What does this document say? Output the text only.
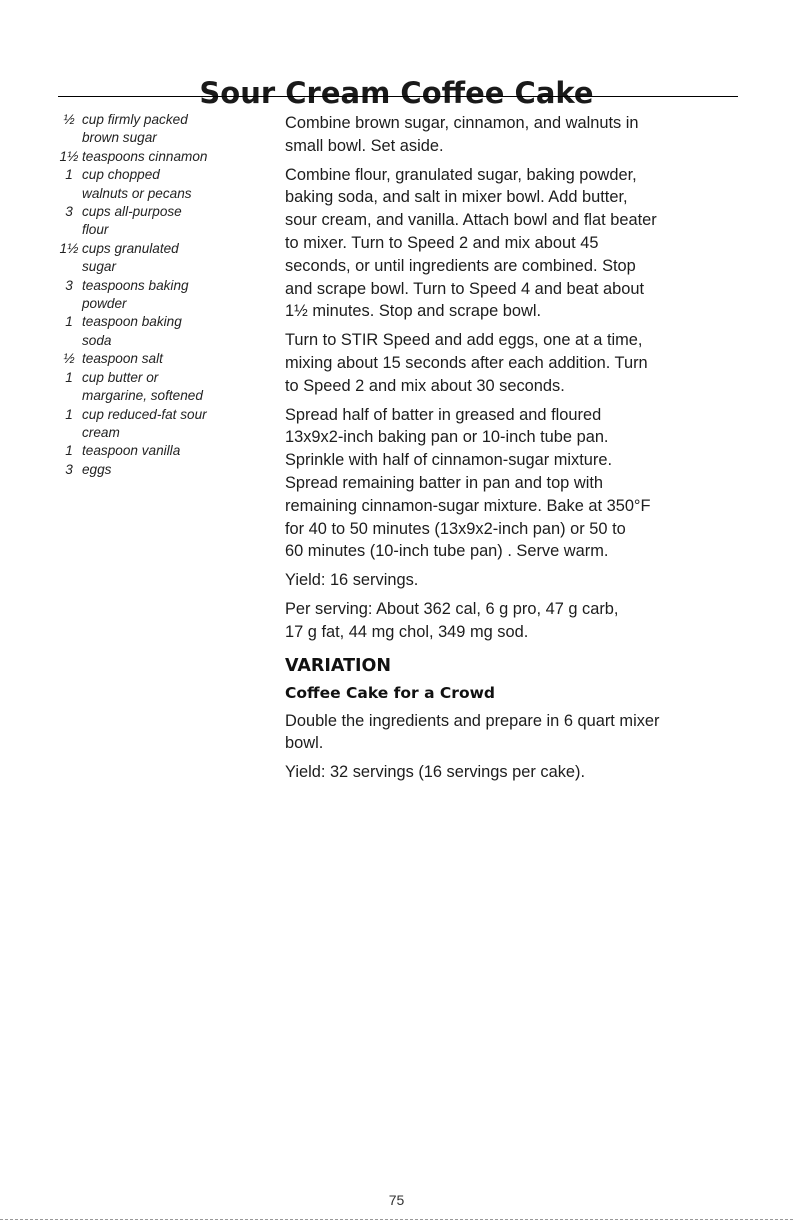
Sour Cream Coffee Cake
½ cup firmly packed
brown sugar
1½ teaspoons cinnamon
1 cup chopped
walnuts or pecans
3 cups all-purpose
flour
1½ cups granulated
sugar
3 teaspoons baking
powder
1 teaspoon baking
soda
½ teaspoon salt
1 cup butter or
margarine, softened
1 cup reduced-fat sour
cream
1 teaspoon vanilla
3 eggs

Combine brown sugar, cinnamon, and walnuts in
small bowl. Set aside.

Combine flour, granulated sugar, baking powder,
baking soda, and salt in mixer bowl. Add butter,
sour cream, and vanilla. Attach bowl and flat beater
to mixer. Turn to Speed 2 and mix about 45
seconds, or until ingredients are combined. Stop
and scrape bowl. Turn to Speed 4 and beat about
1½ minutes. Stop and scrape bowl.

Turn to STIR Speed and add eggs, one at a time,
mixing about 15 seconds after each addition. Turn
to Speed 2 and mix about 30 seconds.

Spread half of batter in greased and floured
13x9x2-inch baking pan or 10-inch tube pan.
Sprinkle with half of cinnamon-sugar mixture.
Spread remaining batter in pan and top with
remaining cinnamon-sugar mixture. Bake at 350°F
for 40 to 50 minutes (13x9x2-inch pan) or 50 to
60 minutes (10-inch tube pan) . Serve warm.

Yield: 16 servings.

Per serving: About 362 cal, 6 g pro, 47 g carb,
17 g fat, 44 mg chol, 349 mg sod.

VARIATION
Coffee Cake for a Crowd

Double the ingredients and prepare in 6 quart mixer
bowl.

Yield: 32 servings (16 servings per cake).

75
